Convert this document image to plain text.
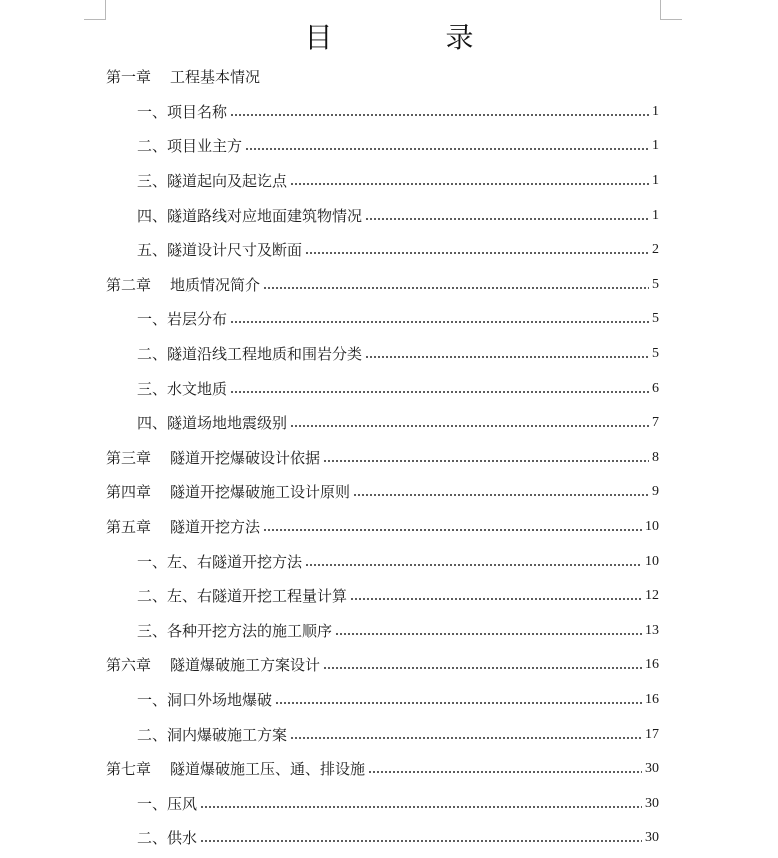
目 录
第一章 工程基本情况
一、项目名称	1
二、项目业主方	1
三、隧道起向及起讫点	1
四、隧道路线对应地面建筑物情况	1
五、隧道设计尺寸及断面	2
第二章 地质情况简介	5
一、岩层分布	5
二、隧道沿线工程地质和围岩分类	5
三、水文地质	6
四、隧道场地地震级别	7
第三章 隧道开挖爆破设计依据	8
第四章 隧道开挖爆破施工设计原则	9
第五章 隧道开挖方法	10
一、左、右隧道开挖方法	10
二、左、右隧道开挖工程量计算	12
三、各种开挖方法的施工顺序	13
第六章 隧道爆破施工方案设计	16
一、洞口外场地爆破	16
二、洞内爆破施工方案	17
第七章 隧道爆破施工压、通、排设施	30
一、压风	30
二、供水	30
